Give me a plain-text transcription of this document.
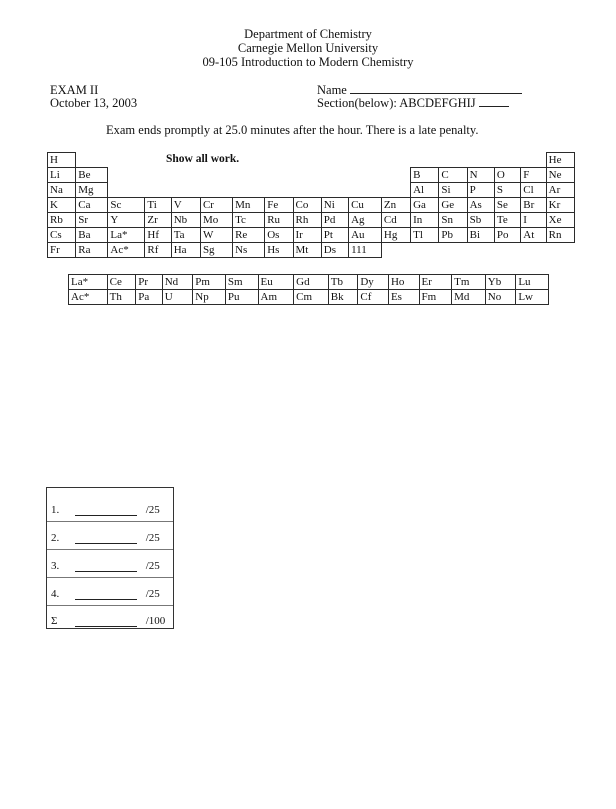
Department of Chemistry
Carnegie Mellon University
09-105 Introduction to Modern Chemistry
EXAM II
October 13, 2003
Name
Section(below): ABCDEFGHIJ
Exam ends promptly at 25.0 minutes after the hour. There is a late penalty.
Show all work.
H																	He
Li	Be											B	C	N	O	F	Ne
Na	Mg											Al	Si	P	S	Cl	Ar
K	Ca	Sc	Ti	V	Cr	Mn	Fe	Co	Ni	Cu	Zn	Ga	Ge	As	Se	Br	Kr
Rb	Sr	Y	Zr	Nb	Mo	Tc	Ru	Rh	Pd	Ag	Cd	In	Sn	Sb	Te	I	Xe
Cs	Ba	La*	Hf	Ta	W	Re	Os	Ir	Pt	Au	Hg	Tl	Pb	Bi	Po	At	Rn
Fr	Ra	Ac*	Rf	Ha	Sg	Ns	Hs	Mt	Ds	111							
La*	Ce	Pr	Nd	Pm	Sm	Eu	Gd	Tb	Dy	Ho	Er	Tm	Yb	Lu
Ac*	Th	Pa	U	Np	Pu	Am	Cm	Bk	Cf	Es	Fm	Md	No	Lw
1.	/25
2.	/25
3.	/25
4.	/25
Σ	/100
